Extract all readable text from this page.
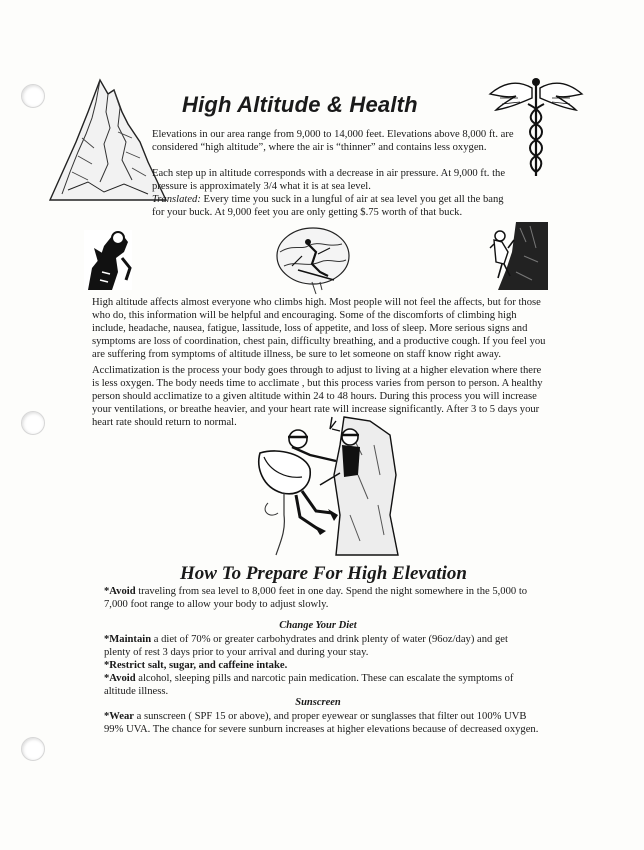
High Altitude & Health
Elevations in our area range from 9,000 to 14,000 feet. Elevations above 8,000 ft. are considered “high altitude”, where the air is “thinner” and contains less oxygen.
Each step up in altitude corresponds with a decrease in air pressure. At 9,000 ft. the pressure is approximately 3/4 what it is at sea level.
Translated: Every time you suck in a lungful of air at sea level you get all the bang for your buck. At 9,000 feet you are only getting $.75 worth of that buck.
High altitude affects almost everyone who climbs high. Most people will not feel the affects, but for those who do, this information will be helpful and encouraging. Some of the discomforts of climbing high include, headache, nausea, fatigue, lassitude, loss of appetite, and loss of sleep. More serious signs and symptoms are loss of coordination, chest pain, difficulty breathing, and a productive cough. If you feel you are suffering from symptoms of altitude illness, be sure to let someone on staff know right away.
Acclimatization is the process your body goes through to adjust to living at a higher elevation where there is less oxygen. The body needs time to acclimate , but this process varies from person to person. A healthy person should acclimatize to a given altitude within 24 to 48 hours. During this process you will increase your ventilations, or breathe heavier, and your heart rate will increase significantly. After 3 to 5 days your heart rate should return to normal.
How To Prepare For High Elevation
*Avoid traveling from sea level to 8,000 feet in one day. Spend the night somewhere in the 5,000 to 7,000 foot range to allow your body to adjust slowly.
Change Your Diet
*Maintain a diet of 70% or greater carbohydrates and drink plenty of water (96oz/day) and get plenty of rest 3 days prior to your arrival and during your stay.
*Restrict salt, sugar, and caffeine intake.
*Avoid alcohol, sleeping pills and narcotic pain medication. These can escalate the symptoms of altitude illness.
Sunscreen
*Wear a sunscreen ( SPF 15 or above), and proper eyewear or sunglasses that filter out 100% UVB 99% UVA. The chance for severe sunburn increases at higher elevations because of decreased oxygen.
